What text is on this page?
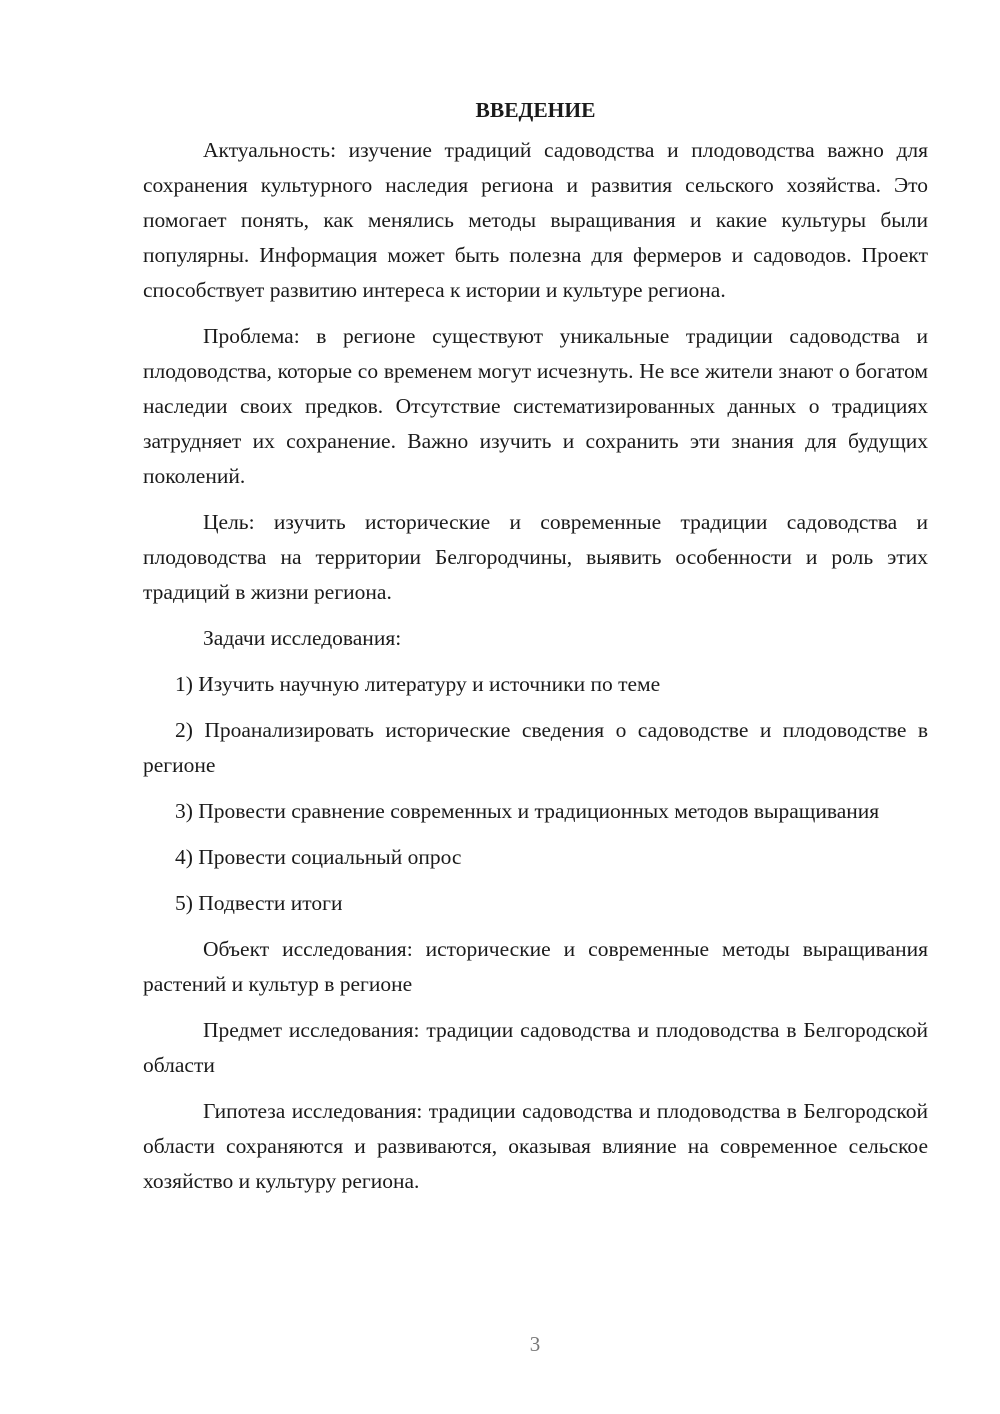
ВВЕДЕНИЕ

Актуальность: изучение традиций садоводства и плодоводства важно для сохранения культурного наследия региона и развития сельского хозяйства. Это помогает понять, как менялись методы выращивания и какие культуры были популярны. Информация может быть полезна для фермеров и садоводов. Проект способствует развитию интереса к истории и культуре региона.

Проблема: в регионе существуют уникальные традиции садоводства и плодоводства, которые со временем могут исчезнуть. Не все жители знают о богатом наследии своих предков. Отсутствие систематизированных данных о традициях затрудняет их сохранение. Важно изучить и сохранить эти знания для будущих поколений.

Цель: изучить исторические и современные традиции садоводства и плодоводства на территории Белгородчины, выявить особенности и роль этих традиций в жизни региона.

Задачи исследования:

1) Изучить научную литературу и источники по теме

2) Проанализировать исторические сведения о садоводстве и плодоводстве в регионе

3) Провести сравнение современных и традиционных методов выращивания

4) Провести социальный опрос

5) Подвести итоги

Объект исследования: исторические и современные методы выращивания растений и культур в регионе

Предмет исследования: традиции садоводства и плодоводства в Белгородской области

Гипотеза исследования: традиции садоводства и плодоводства в Белгородской области сохраняются и развиваются, оказывая влияние на современное сельское хозяйство и культуру региона.

3
